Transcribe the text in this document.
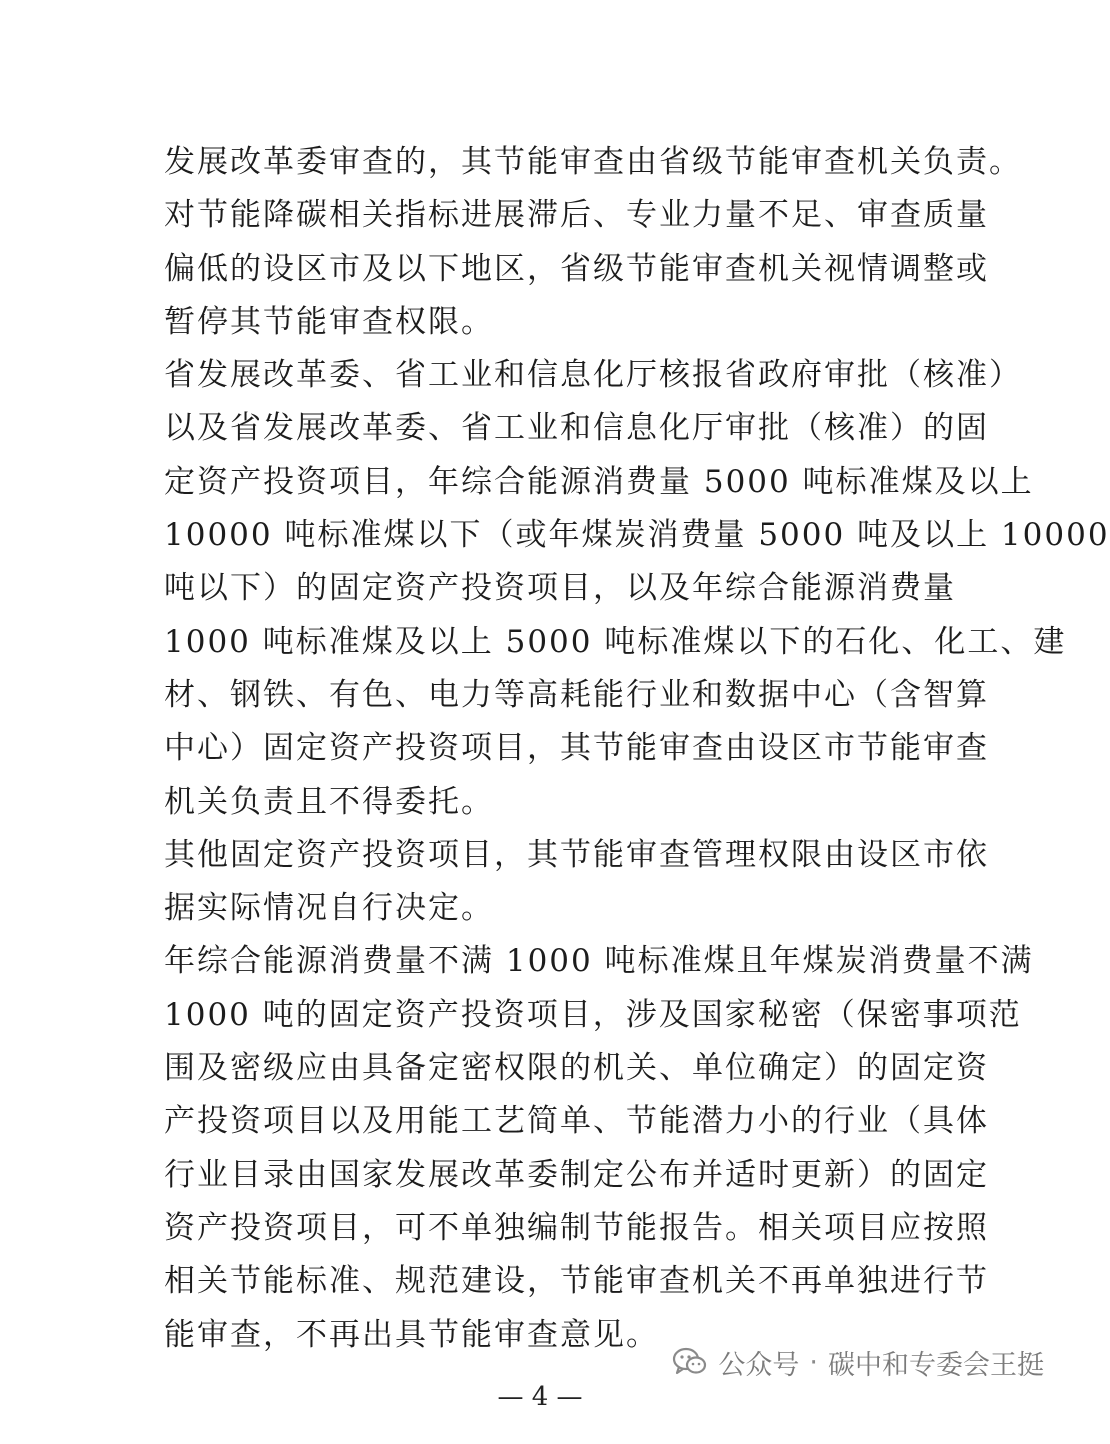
发展改革委审查的，其节能审查由省级节能审查机关负责。
对节能降碳相关指标进展滞后、专业力量不足、审查质量
偏低的设区市及以下地区，省级节能审查机关视情调整或
暂停其节能审查权限。
省发展改革委、省工业和信息化厅核报省政府审批（核准）
以及省发展改革委、省工业和信息化厅审批（核准）的固
定资产投资项目，年综合能源消费量 5000 吨标准煤及以上
10000 吨标准煤以下（或年煤炭消费量 5000 吨及以上 10000
吨以下）的固定资产投资项目，以及年综合能源消费量
1000 吨标准煤及以上 5000 吨标准煤以下的石化、化工、建
材、钢铁、有色、电力等高耗能行业和数据中心（含智算
中心）固定资产投资项目，其节能审查由设区市节能审查
机关负责且不得委托。
其他固定资产投资项目，其节能审查管理权限由设区市依
据实际情况自行决定。
年综合能源消费量不满 1000 吨标准煤且年煤炭消费量不满
1000 吨的固定资产投资项目，涉及国家秘密（保密事项范
围及密级应由具备定密权限的机关、单位确定）的固定资
产投资项目以及用能工艺简单、节能潜力小的行业（具体
行业目录由国家发展改革委制定公布并适时更新）的固定
资产投资项目，可不单独编制节能报告。相关项目应按照
相关节能标准、规范建设，节能审查机关不再单独进行节
能审查，不再出具节能审查意见。
公众号 · 碳中和专委会王挺
— 4 —
